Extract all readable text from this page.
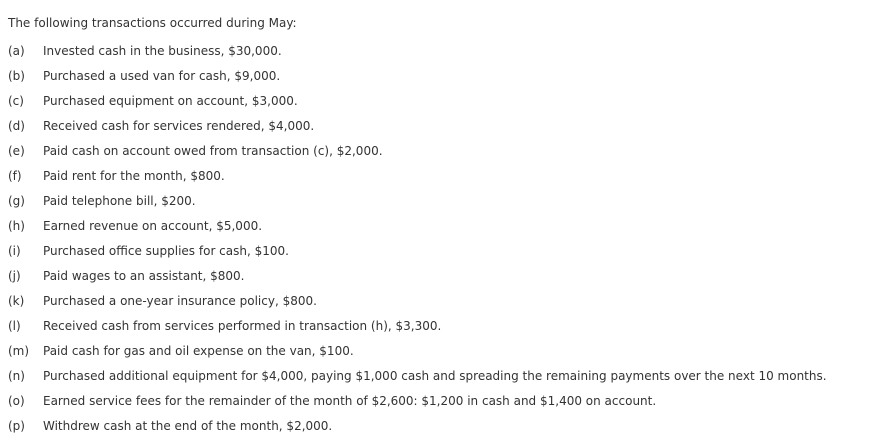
The following transactions occurred during May:
(a) Invested cash in the business, $30,000.
(b) Purchased a used van for cash, $9,000.
(c) Purchased equipment on account, $3,000.
(d) Received cash for services rendered, $4,000.
(e) Paid cash on account owed from transaction (c), $2,000.
(f) Paid rent for the month, $800.
(g) Paid telephone bill, $200.
(h) Earned revenue on account, $5,000.
(i) Purchased office supplies for cash, $100.
(j) Paid wages to an assistant, $800.
(k) Purchased a one-year insurance policy, $800.
(l) Received cash from services performed in transaction (h), $3,300.
(m) Paid cash for gas and oil expense on the van, $100.
(n) Purchased additional equipment for $4,000, paying $1,000 cash and spreading the remaining payments over the next 10 months.
(o) Earned service fees for the remainder of the month of $2,600: $1,200 in cash and $1,400 on account.
(p) Withdrew cash at the end of the month, $2,000.
